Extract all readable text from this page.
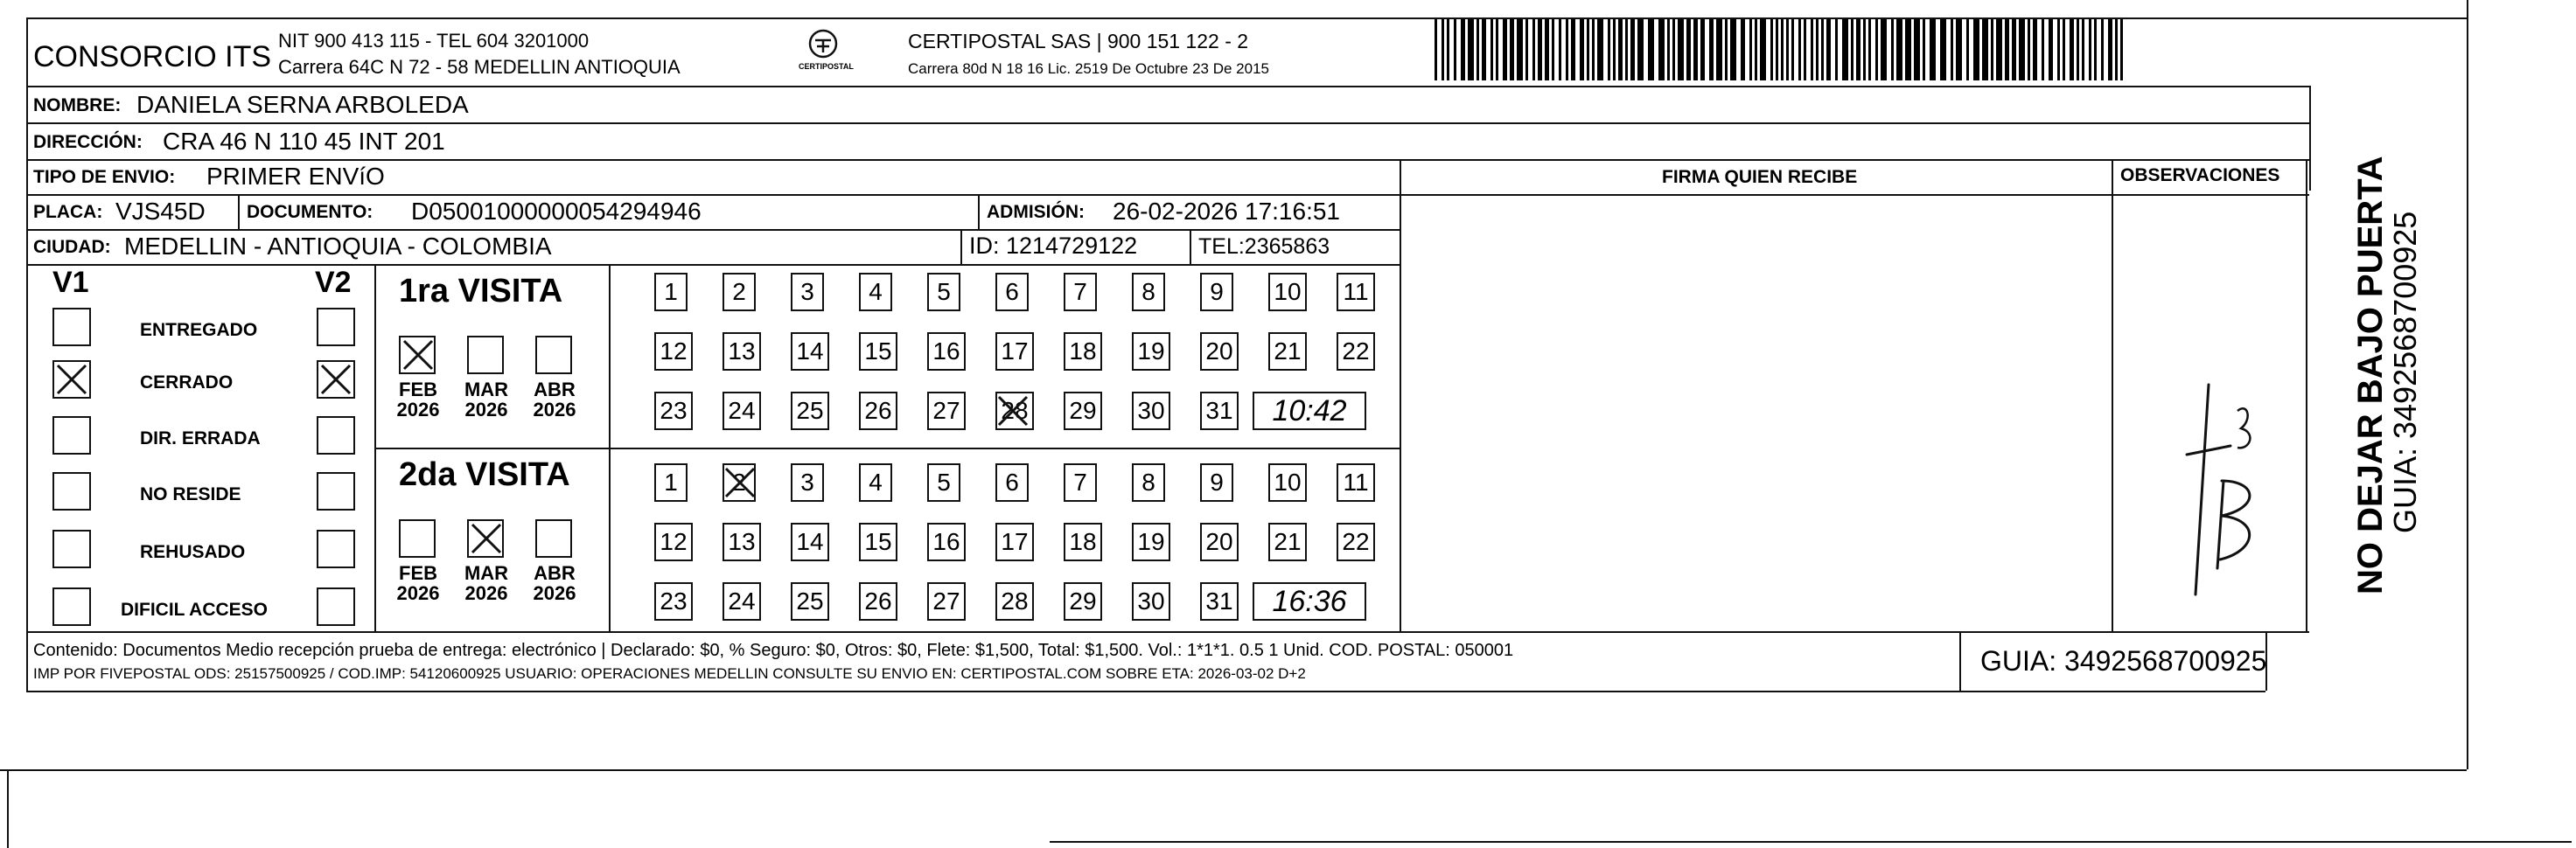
CONSORCIO ITS NIT 900 413 115 - TEL 604 3201000
Carrera 64C N 72 - 58 MEDELLIN ANTIOQUIA	CERTIPOSTAL
CERTIPOSTAL SAS | 900 151 122 - 2
Carrera 80d N 18 16 Lic. 2519 De Octubre 23 De 2015
NOMBRE: DANIELA SERNA ARBOLEDA
DIRECCIÓN: CRA 46 N 110 45 INT 201
TIPO DE ENVIO: PRIMER ENVíO
PLACA: VJS45D DOCUMENTO: D05001000000054294946	ADMISIÓN: 26-02-2026 17:16:51
CIUDAD: MEDELLIN - ANTIOQUIA - COLOMBIA	ID: 1214729122	TEL:2365863
FIRMA QUIEN RECIBE	OBSERVACIONES
V1	V2
ENTREGADO
CERRADO
DIR. ERRADA
NO RESIDE
REHUSADO
DIFICIL ACCESO
1ra VISITA
2da VISITA
FEB
2026
MAR
2026
ABR
2026
FEB
2026
MAR
2026
ABR
2026
1	2	3	4	5	6	7	8	9	10 11
12 13 14 15 16 17 18 19 20 21 22
23 24 25 26 27 28 29 30 31	10:42
1	2	3	4	5	6	7	8	9	10 11
12 13 14 15 16 17 18 19 20 21 22
23 24 25 26 27 28 29 30 31	16:36
Contenido: Documentos Medio recepción prueba de entrega: electrónico | Declarado: $0, % Seguro: $0, Otros: $0, Flete: $1,500, Total: $1,500. Vol.: 1*1*1. 0.5 1 Unid. COD. POSTAL: 050001
IMP POR FIVEPOSTAL ODS: 25157500925 / COD.IMP: 54120600925 USUARIO: OPERACIONES MEDELLIN CONSULTE SU ENVIO EN: CERTIPOSTAL.COM SOBRE ETA: 2026-03-02 D+2	GUIA: 3492568700925
NO DEJAR BAJO PUERTA
GUIA: 3492568700925
